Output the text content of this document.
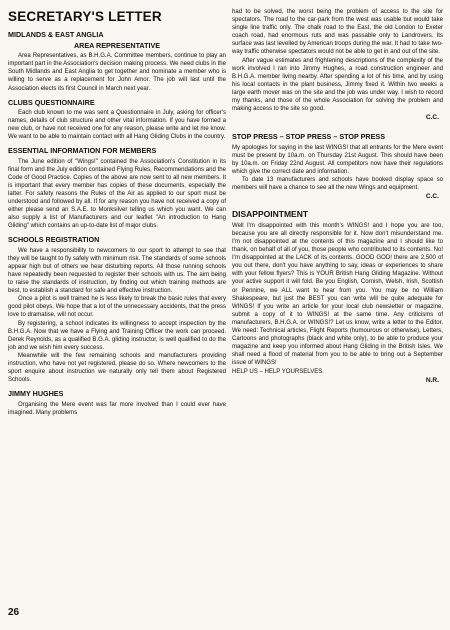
SECRETARY'S LETTER
MIDLANDS & EAST ANGLIA
AREA REPRESENTATIVE

Area Representatives, as B.H.G.A. Committee members, continue to play an important part in the Association's decision making process. We need clubs in the South Midlands and East Anglia to get together and nominate a member who is willing to serve as a replacement for John Amor. The job will last until the Association elects its first Council in March next year.

CLUBS QUESTIONNAIRE

Each club known to me was sent a Questionnaire in July, asking for officer's names, details of club structure and other vital information. If you have formed a new club, or have not received one for any reason, please write and let me know. We want to be able to maintain contact with all Hang Gliding Clubs in the country.

ESSENTIAL INFORMATION FOR MEMBERS

The June edition of "Wings!" contained the Association's Constitution in its final form and the July edition contained Flying Rules, Recommendations and the Code of Good Practice. Copies of the above are now sent to all new members. It is important that every member has copies of these documents, especially the latter. For safety reasons the Rules of the Air as applied to our sport must be understood and followed by all. If for any reason you have not received a copy of either please send an S.A.E. to Monksilver telling us which you want. We can also supply a list of Manufacturers and our leaflet "An introduction to Hang Gliding" which contains an up-to-date list of major clubs.

SCHOOLS REGISTRATION

We have a responsibility to newcomers to our sport to attempt to see that they will be taught to fly safely with minimum risk. The standards of some schools appear high but of others we hear disturbing reports. All those running schools have repeatedly been requested to register their schools with us. The aim being to raise the standards of instruction, by finding out which training methods are best, to establish a standard for safe and effective instruction.

Once a pilot is well trained he is less likely to break the basic rules that every good pilot obeys. We hope that a lot of the unnecessary accidents, that the press love to dramatise, will not occur.

By registering, a school indicates its willingness to accept inspection by the B.H.G.A. Now that we have a Flying and Training Officer the work can proceed. Derek Reynolds, as a qualified B.G.A. gliding instructor, is well qualified to do the job and we wish him every success.

Meanwhile will the few remaining schools and manufacturers providing instruction, who have not yet registered, please do so. Where newcomers to the sport enquire about instruction we naturally only tell them about Registered Schools.

JIMMY HUGHES

Organising the Mere event was far more involved than I could ever have imagined. Many problems

had to be solved, the worst being the problem of access to the site for spectators. The road to the car-park from the west was usable but would take single line traffic only. The chalk road to the East, the old London to Exeter coach road, had enormous ruts and was passable only to Landrovers. Its surface was last levelled by American troops during the war. It had to take two-way traffic otherwise spectators would not be able to get in and out of the site.

After vague estimates and frightening descriptions of the complexity of the work involved I ran into Jimmy Hughes, a road construction engineer and B.H.G.A. member living nearby. After spending a lot of his time, and by using his local contacts in the plant business, Jimmy fixed it. Within two weeks a large earth mover was on the site and the job was under way. I wish to record my thanks, and those of the whole Association for solving the problem and making access to the site so good.

C.C.
STOP PRESS – STOP PRESS – STOP PRESS

My apologies for saying in the last WINGS! that all entrants for the Mere event must be present by 10a.m. on Thursday 21st August. This should have been by 10a.m. on Friday 22nd August. All competitors now have their regulations which give the correct date and information.

To date 13 manufacturers and schools have booked display space so members will have a chance to see all the new Wings and equipment.

C.C.
DISAPPOINTMENT

Well I'm disappointed with this month's WINGS! and I hope you are too, because you are all directly responsible for it. Now don't misunderstand me. I'm not disappointed at the contents of this magazine and I should like to thank, on behalf of all of you, those people who contributed to its contents. No! I'm disappointed at the LACK of its contents. GOOD GOD! there are 2,500 of you out there, don't you have anything to say, ideas or experiences to share with your fellow flyers? This is YOUR British Hang Gliding Magazine. Without your active support it will fold. Be you English, Cornish, Welsh, Irish, Scottish or Pennine, we ALL want to hear from you. You may be no William Shakespeare, but just the BEST you can write will be quite adequate for WINGS! If you write an article for your local club newsletter or magazine, submit a copy of it to WINGS! at the same time. Any criticisms of manufacturers, B.H.G.A. or WINGS!? Let us know, write a letter to the Editor. We need: Technical articles, Flight Reports (humourous or otherwise), Letters, Cartoons and photographs (black and white only), to be able to produce your magazine and keep you informed about Hang Gliding in the British Isles. We shall need a flood of material from you to be able to bring out a September issue of WINGS!

HELP US – HELP YOURSELVES.

N.R.
26
